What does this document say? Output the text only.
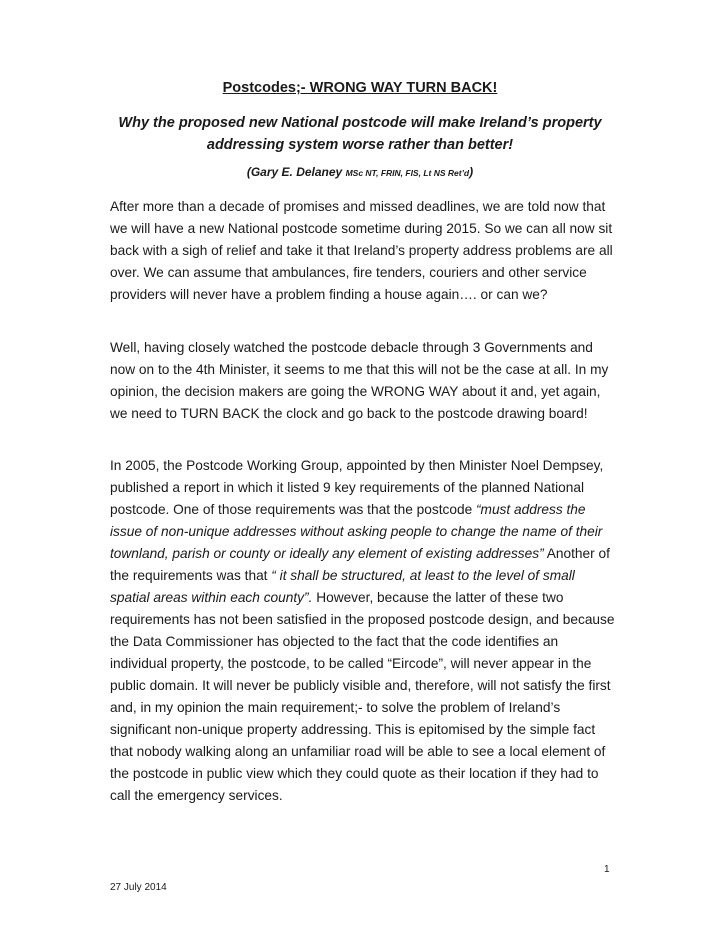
Postcodes;- WRONG WAY TURN BACK!
Why the proposed new National postcode will make Ireland’s property addressing system worse rather than better!
(Gary E. Delaney MSc NT, FRIN, FIS, Lt NS Ret’d)

After more than a decade of promises and missed deadlines, we are told now that we will have a new National postcode sometime during 2015. So we can all now sit back with a sigh of relief and take it that Ireland’s property address problems are all over. We can assume that ambulances, fire tenders, couriers and other service providers will never have a problem finding a house again…. or can we?

Well, having closely watched the postcode debacle through 3 Governments and now on to the 4th Minister, it seems to me that this will not be the case at all. In my opinion, the decision makers are going the WRONG WAY about it and, yet again, we need to TURN BACK the clock and go back to the postcode drawing board!

In 2005, the Postcode Working Group, appointed by then Minister Noel Dempsey, published a report in which it listed 9 key requirements of the planned National postcode. One of those requirements was that the postcode “must address the issue of non-unique addresses without asking people to change the name of their townland, parish or county or ideally any element of existing addresses” Another of the requirements was that “ it shall be structured, at least to the level of small spatial areas within each county”. However, because the latter of these two requirements has not been satisfied in the proposed postcode design, and because the Data Commissioner has objected to the fact that the code identifies an individual property, the postcode, to be called “Eircode”, will never appear in the public domain. It will never be publicly visible and, therefore, will not satisfy the first and, in my opinion the main requirement;- to solve the problem of Ireland’s significant non-unique property addressing. This is epitomised by the simple fact that nobody walking along an unfamiliar road will be able to see a local element of the postcode in public view which they could quote as their location if they had to call the emergency services.

1
27 July 2014
